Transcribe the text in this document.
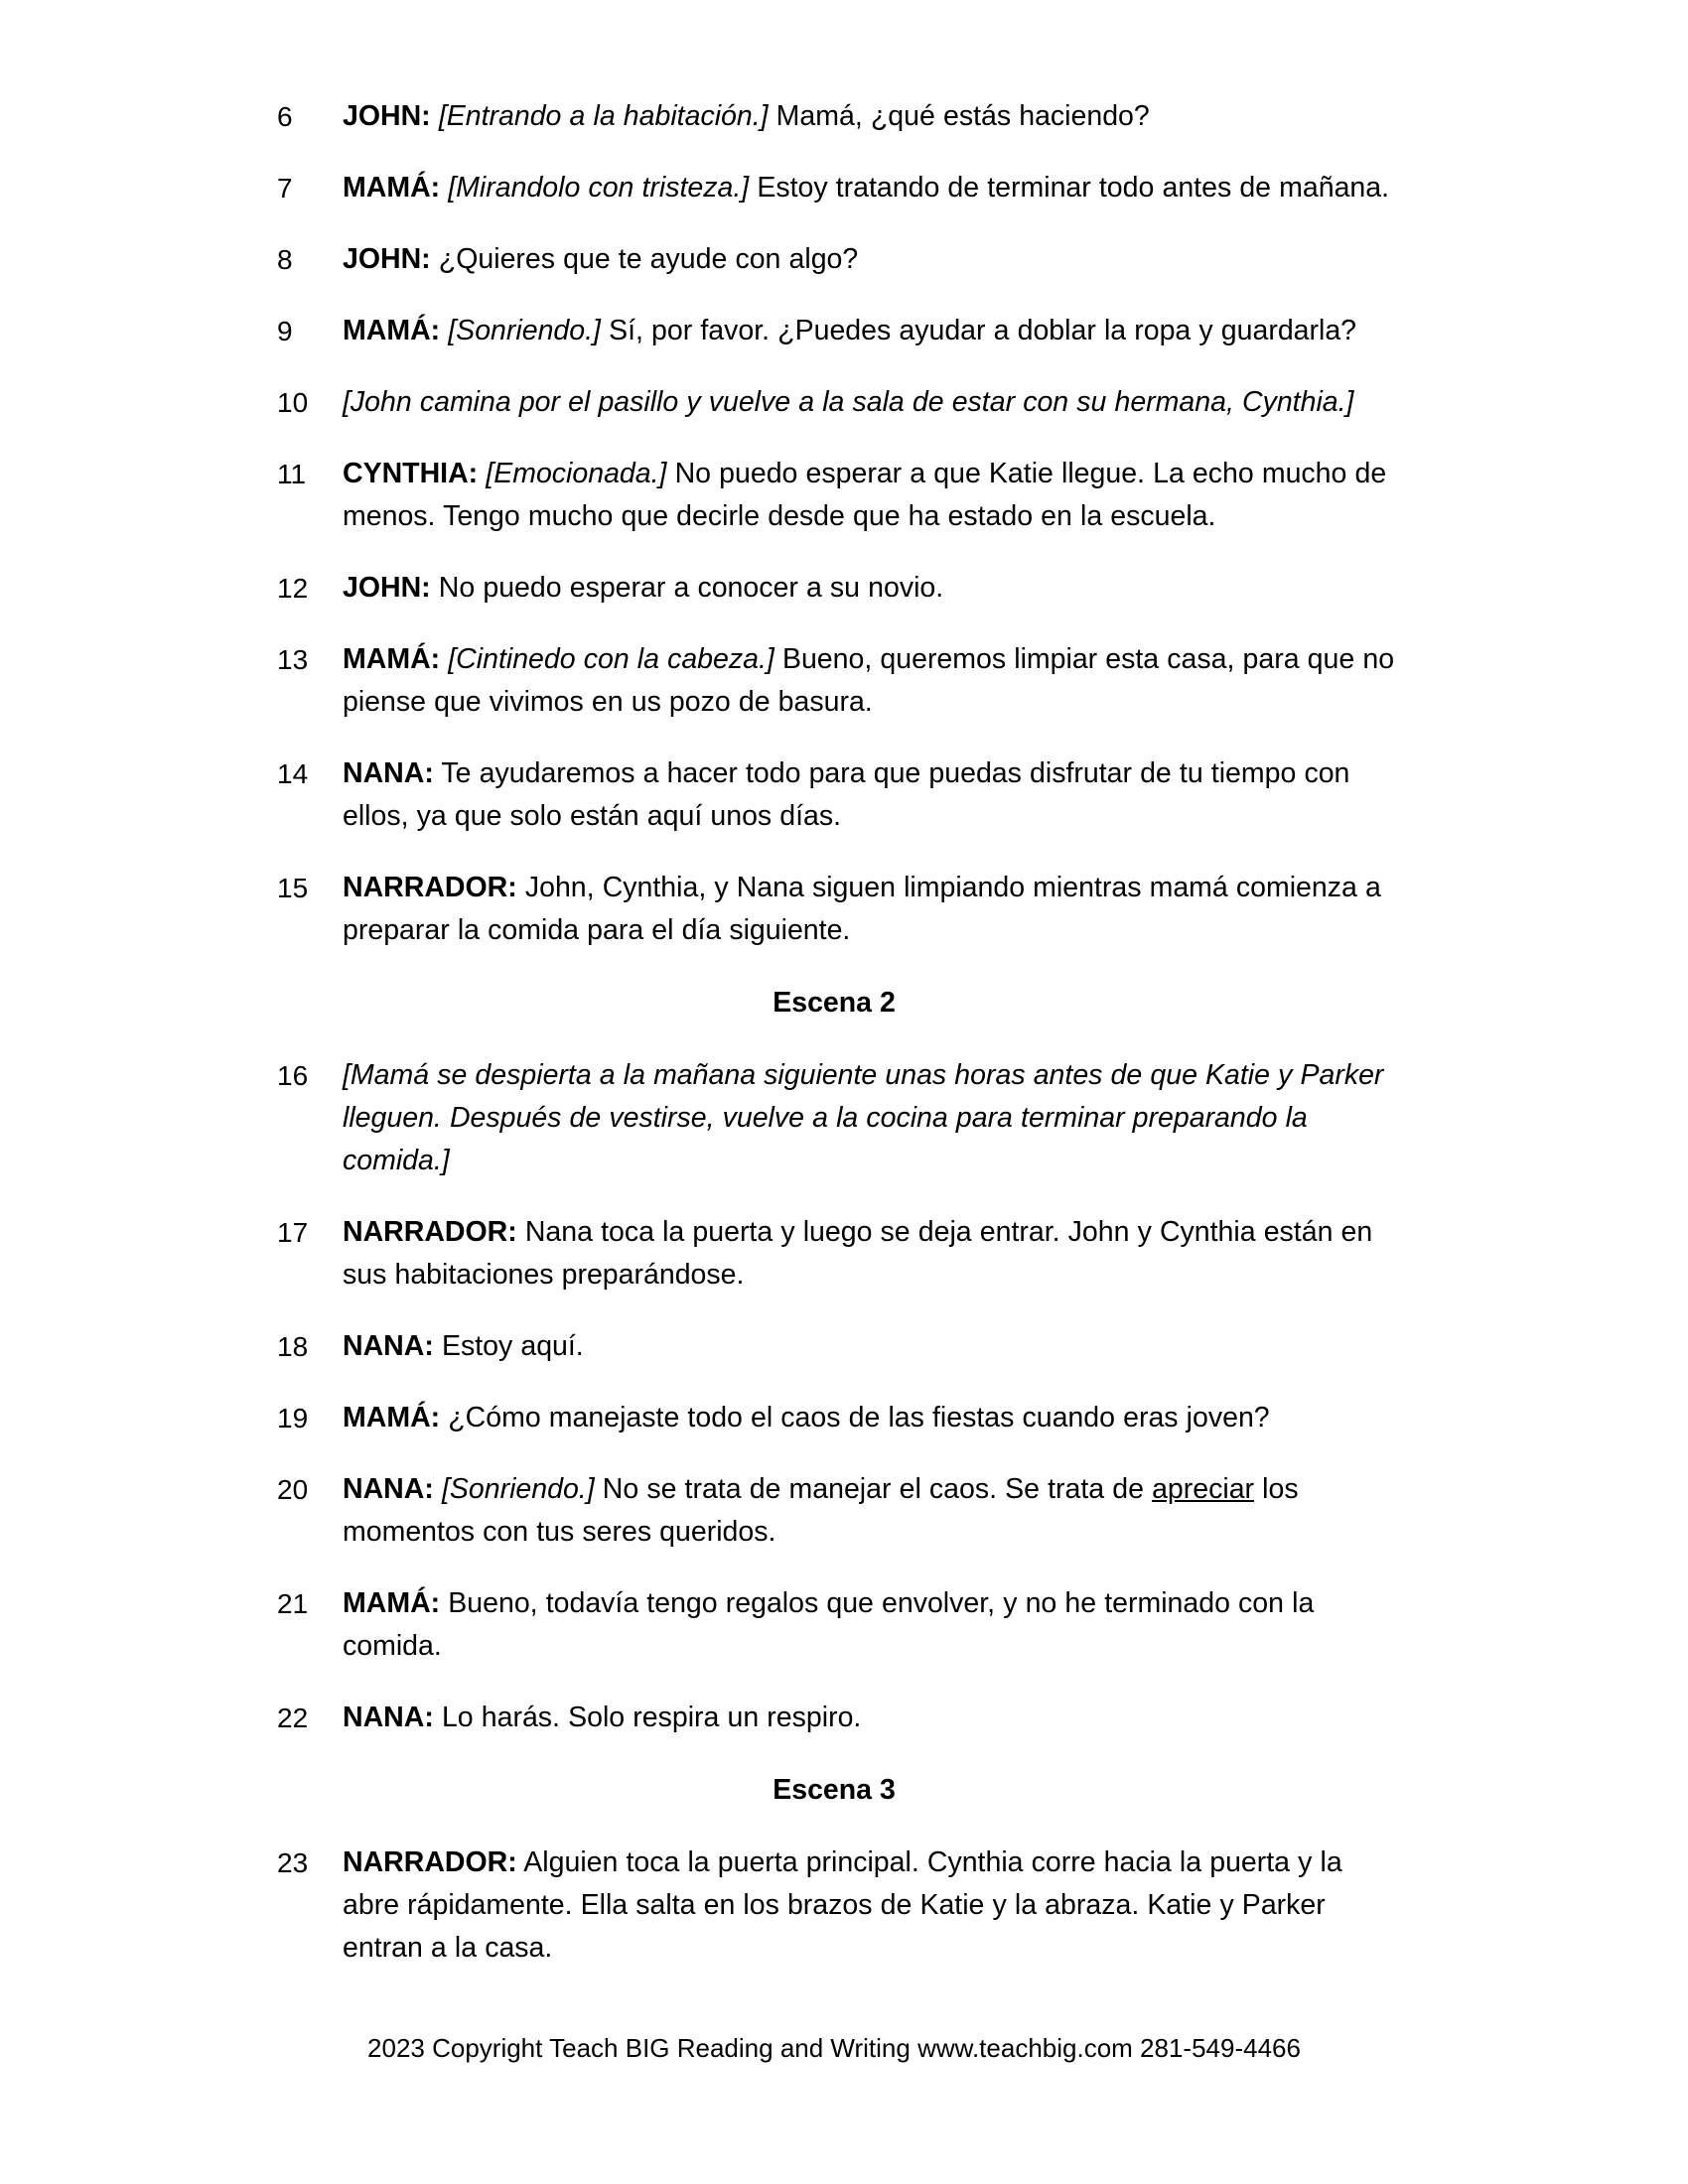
6	JOHN: [Entrando a la habitación.] Mamá, ¿qué estás haciendo?
7	MAMÁ: [Mirandolo con tristeza.] Estoy tratando de terminar todo antes de mañana.
8	JOHN: ¿Quieres que te ayude con algo?
9	MAMÁ: [Sonriendo.] Sí, por favor. ¿Puedes ayudar a doblar la ropa y guardarla?
10	[John camina por el pasillo y vuelve a la sala de estar con su hermana, Cynthia.]
11	CYNTHIA: [Emocionada.] No puedo esperar a que Katie llegue. La echo mucho de menos. Tengo mucho que decirle desde que ha estado en la escuela.
12	JOHN: No puedo esperar a conocer a su novio.
13	MAMÁ: [Cintinedo con la cabeza.] Bueno, queremos limpiar esta casa, para que no piense que vivimos en us pozo de basura.
14	NANA: Te ayudaremos a hacer todo para que puedas disfrutar de tu tiempo con ellos, ya que solo están aquí unos días.
15	NARRADOR: John, Cynthia, y Nana siguen limpiando mientras mamá comienza a preparar la comida para el día siguiente.
Escena 2
16	[Mamá se despierta a la mañana siguiente unas horas antes de que Katie y Parker lleguen. Después de vestirse, vuelve a la cocina para terminar preparando la comida.]
17	NARRADOR: Nana toca la puerta y luego se deja entrar. John y Cynthia están en sus habitaciones preparándose.
18	NANA: Estoy aquí.
19	MAMÁ: ¿Cómo manejaste todo el caos de las fiestas cuando eras joven?
20	NANA: [Sonriendo.] No se trata de manejar el caos. Se trata de apreciar los momentos con tus seres queridos.
21	MAMÁ: Bueno, todavía tengo regalos que envolver, y no he terminado con la comida.
22	NANA: Lo harás. Solo respira un respiro.
Escena 3
23	NARRADOR: Alguien toca la puerta principal. Cynthia corre hacia la puerta y la abre rápidamente. Ella salta en los brazos de Katie y la abraza. Katie y Parker entran a la casa.
2023 Copyright Teach BIG Reading and Writing www.teachbig.com 281-549-4466
